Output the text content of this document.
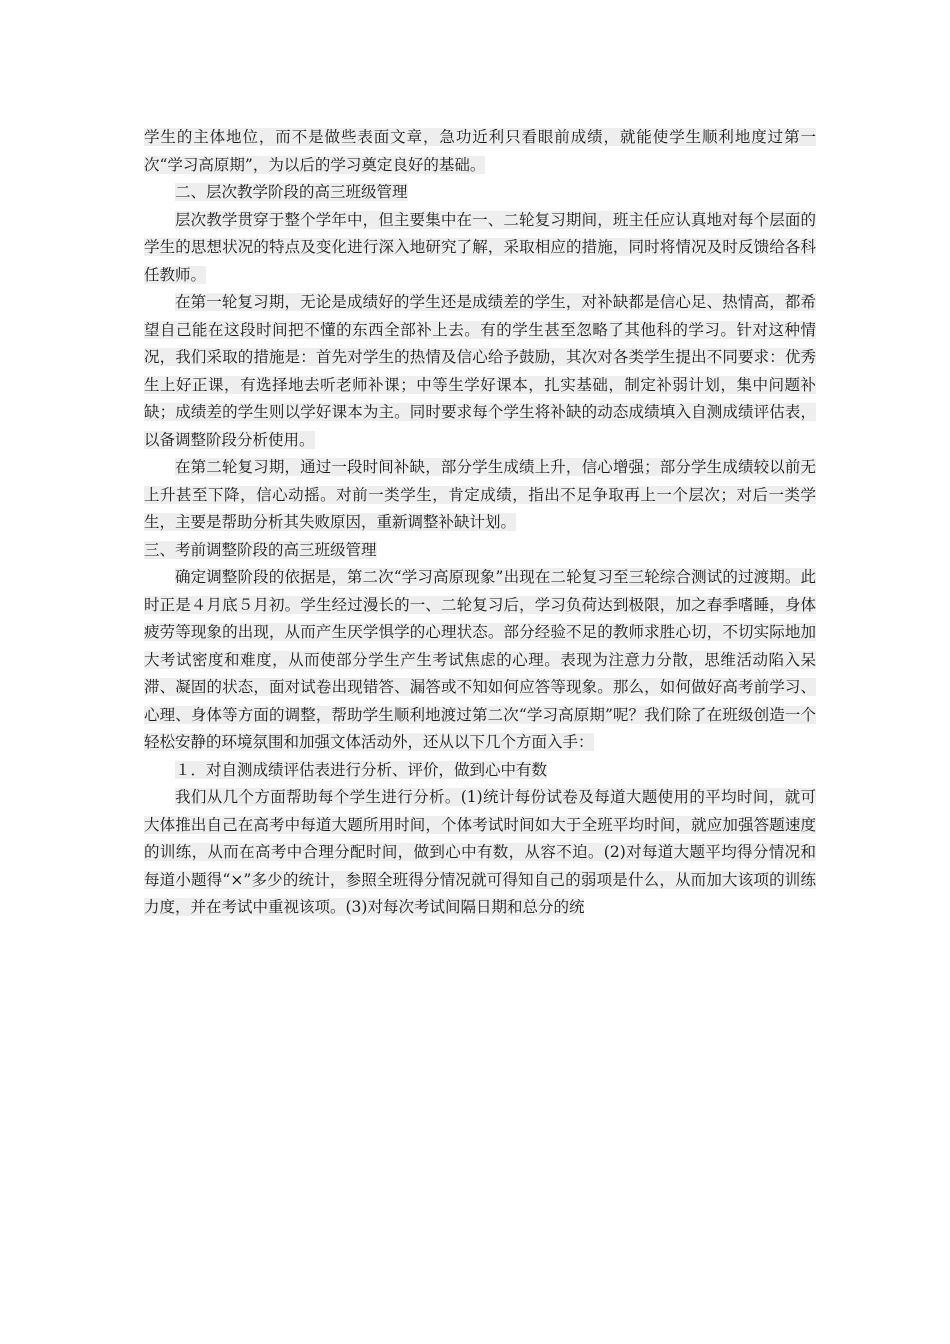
学生的主体地位，而不是做些表面文章，急功近利只看眼前成绩，就能使学生顺利地度过第一次“学习高原期”，为以后的学习奠定良好的基础。

二、层次教学阶段的高三班级管理

层次教学贯穿于整个学年中，但主要集中在一、二轮复习期间，班主任应认真地对每个层面的学生的思想状况的特点及变化进行深入地研究了解，采取相应的措施，同时将情况及时反馈给各科任教师。

在第一轮复习期，无论是成绩好的学生还是成绩差的学生，对补缺都是信心足、热情高，都希望自己能在这段时间把不懂的东西全部补上去。有的学生甚至忽略了其他科的学习。针对这种情况，我们采取的措施是：首先对学生的热情及信心给予鼓励，其次对各类学生提出不同要求：优秀生上好正课，有选择地去听老师补课；中等生学好课本，扎实基础，制定补弱计划，集中问题补缺；成绩差的学生则以学好课本为主。同时要求每个学生将补缺的动态成绩填入自测成绩评估表，以备调整阶段分析使用。

在第二轮复习期，通过一段时间补缺，部分学生成绩上升，信心增强；部分学生成绩较以前无上升甚至下降，信心动摇。对前一类学生，肯定成绩，指出不足争取再上一个层次；对后一类学生，主要是帮助分析其失败原因，重新调整补缺计划。

三、考前调整阶段的高三班级管理

确定调整阶段的依据是，第二次“学习高原现象”出现在二轮复习至三轮综合测试的过渡期。此时正是４月底５月初。学生经过漫长的一、二轮复习后，学习负荷达到极限，加之春季嗜睡，身体疲劳等现象的出现，从而产生厌学惧学的心理状态。部分经验不足的教师求胜心切，不切实际地加大考试密度和难度，从而使部分学生产生考试焦虑的心理。表现为注意力分散，思维活动陷入呆滞、凝固的状态，面对试卷出现错答、漏答或不知如何应答等现象。那么，如何做好高考前学习、心理、身体等方面的调整，帮助学生顺利地渡过第二次“学习高原期”呢？我们除了在班级创造一个轻松安静的环境氛围和加强文体活动外，还从以下几个方面入手：

１．对自测成绩评估表进行分析、评价，做到心中有数

我们从几个方面帮助每个学生进行分析。(1)统计每份试卷及每道大题使用的平均时间，就可大体推出自己在高考中每道大题所用时间，个体考试时间如大于全班平均时间，就应加强答题速度的训练，从而在高考中合理分配时间，做到心中有数，从容不迫。(2)对每道大题平均得分情况和每道小题得“×”多少的统计，参照全班得分情况就可得知自己的弱项是什么，从而加大该项的训练力度，并在考试中重视该项。(3)对每次考试间隔日期和总分的统
